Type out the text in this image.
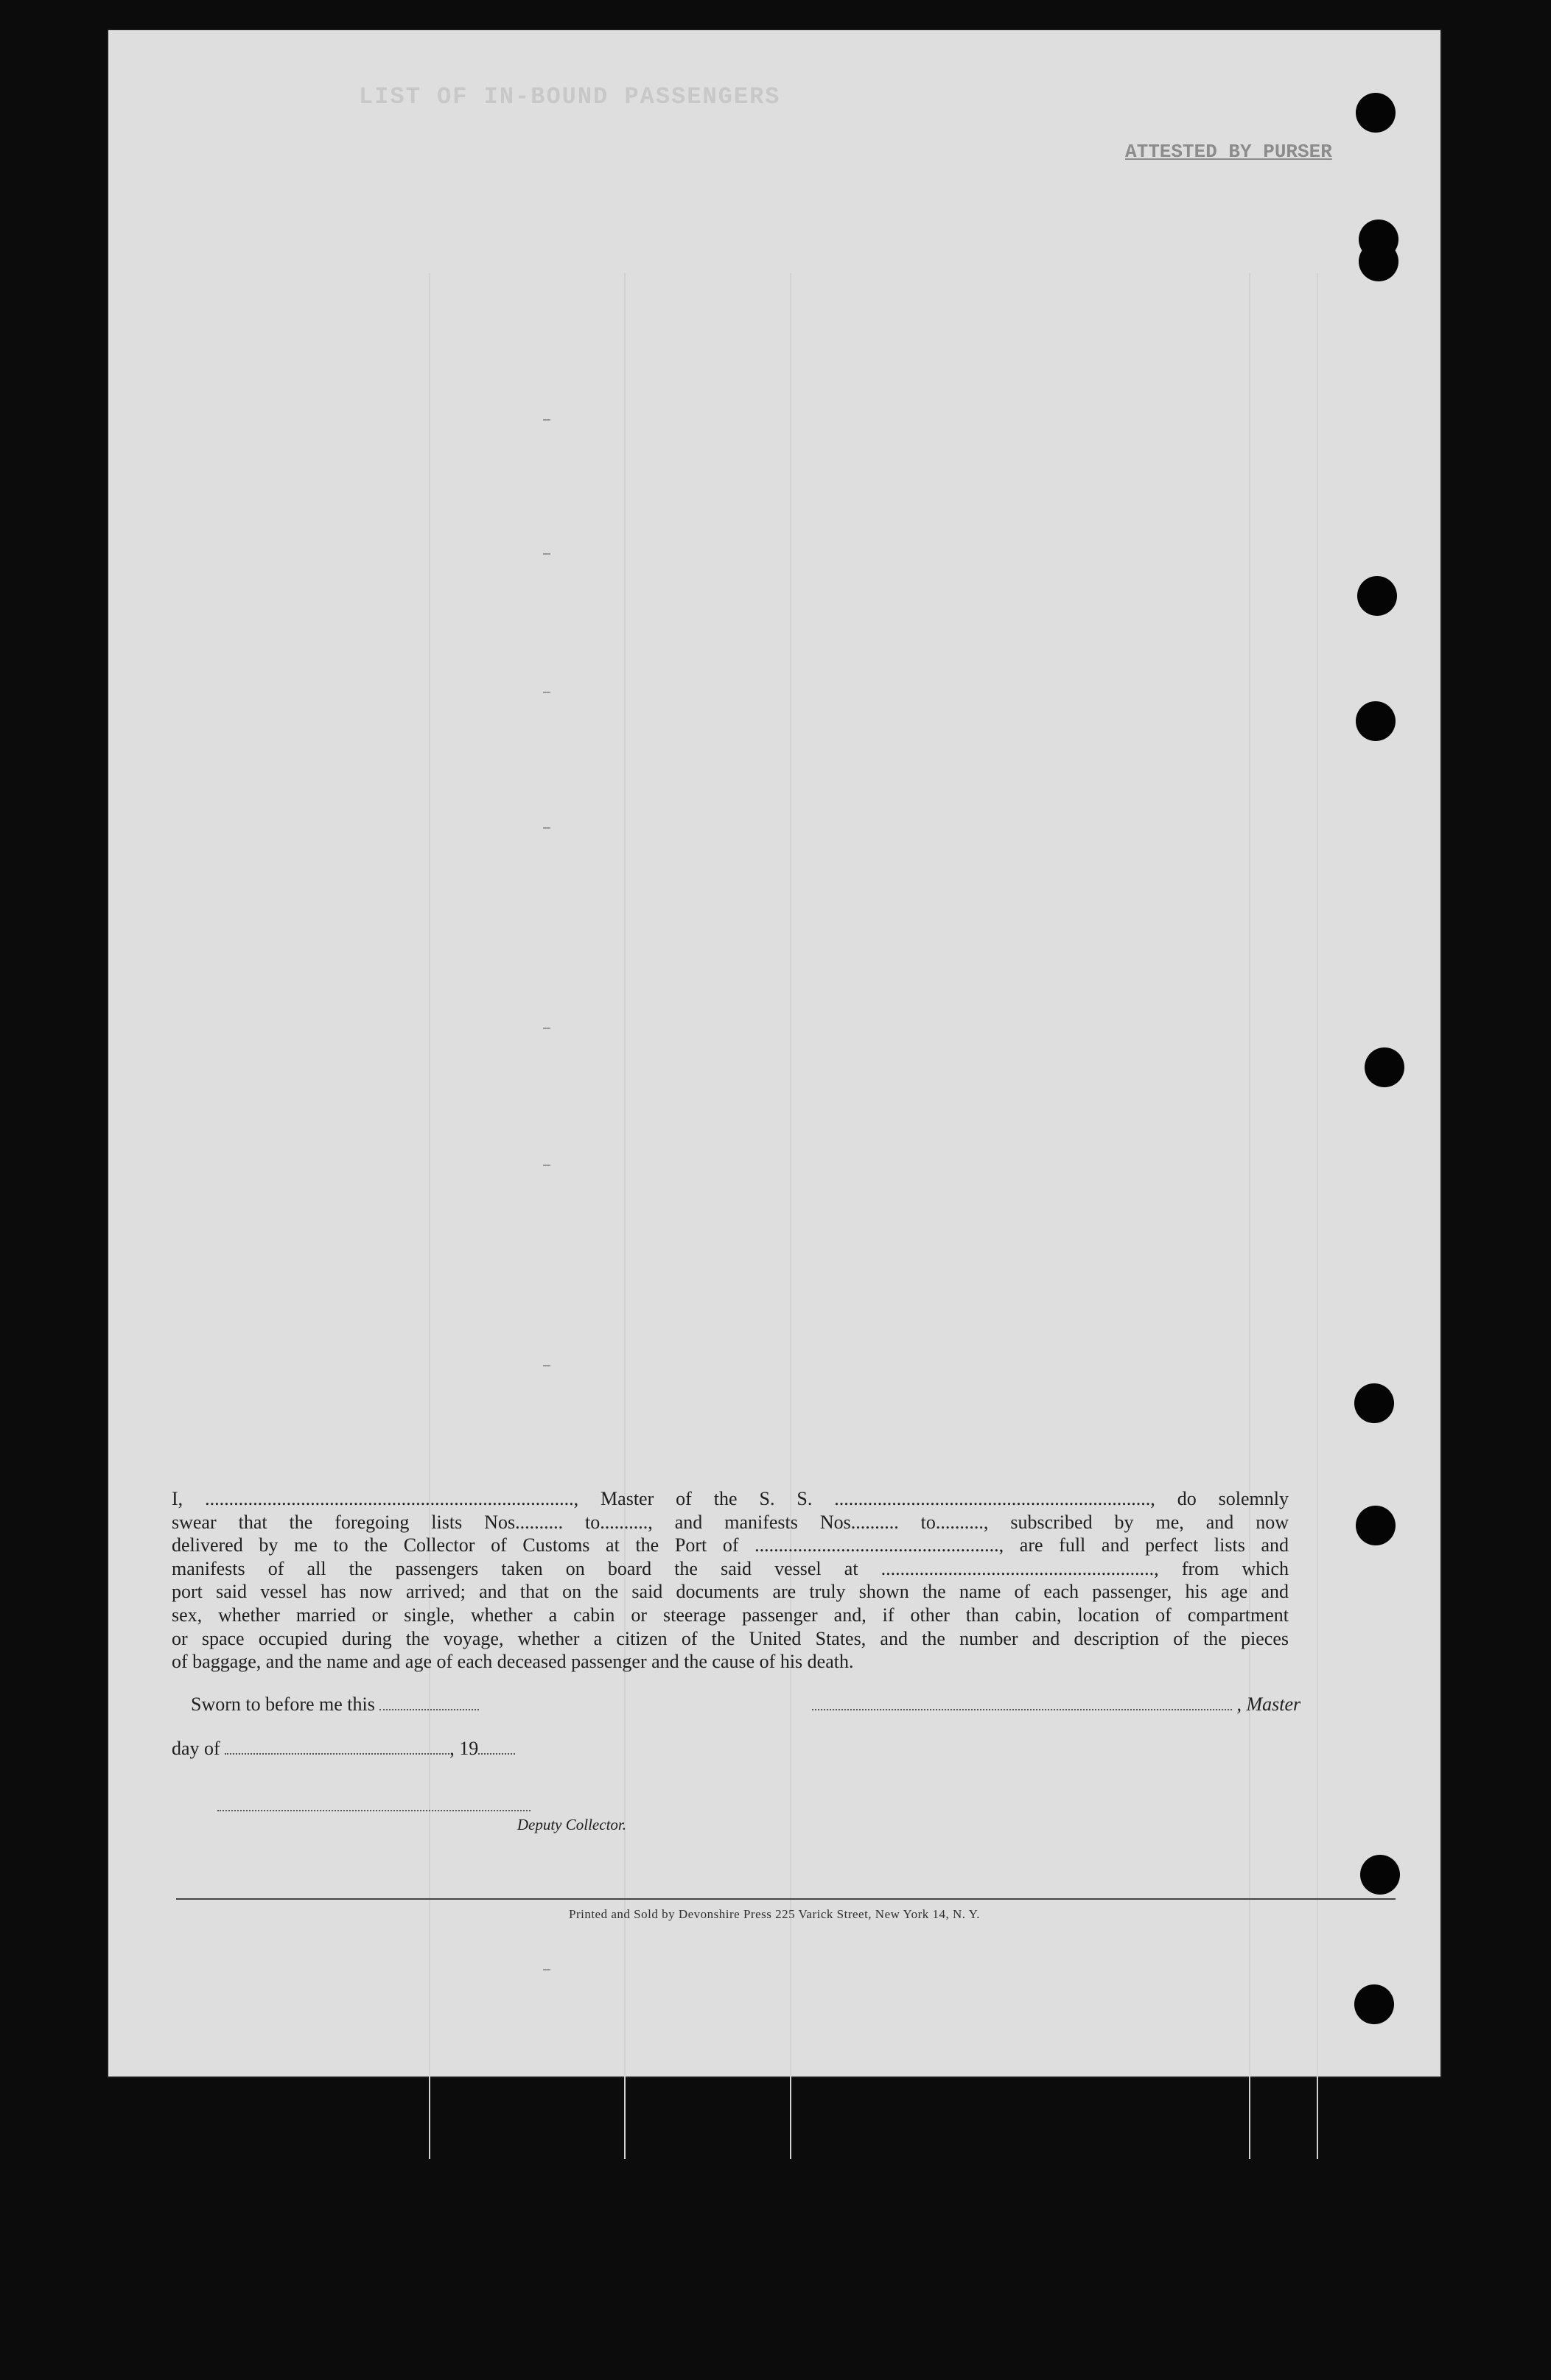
LIST OF IN-BOUND PASSENGERS
ATTESTED BY PURSER
I, ............................................................................., Master of the S. S. .................................................................., do solemnly
swear that the foregoing lists Nos.......... to.........., and manifests Nos.......... to.........., subscribed by me, and now
delivered by me to the Collector of Customs at the Port of ..................................................., are full and perfect lists and
manifests of all the passengers taken on board the said vessel at ........................................................., from which
port said vessel has now arrived; and that on the said documents are truly shown the name of each passenger, his age and
sex, whether married or single, whether a cabin or steerage passenger and, if other than cabin, location of compartment
or space occupied during the voyage, whether a citizen of the United States, and the number and description of the pieces
of baggage, and the name and age of each deceased passenger and the cause of his death.
Sworn to before me this	, Master
day of	, 19
Deputy Collector.
Printed and Sold by Devonshire Press 225 Varick Street, New York 14, N. Y.
